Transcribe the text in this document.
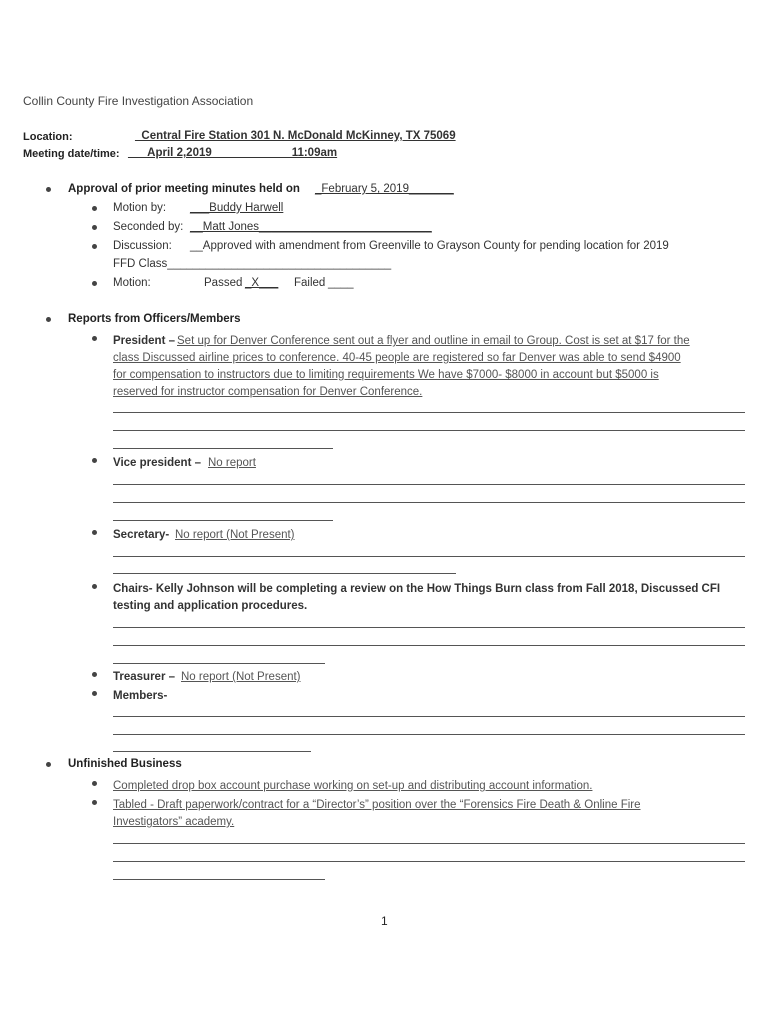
Collin County Fire Investigation Association
Location:	_Central Fire Station 301 N. McDonald McKinney, TX 75069
Meeting date/time: ___April 2,2019 ____________11:09am
Approval of prior meeting minutes held on _February 5, 2019_______
Motion by: ___Buddy Harwell
Seconded by: __Matt Jones___________________________
Discussion: __Approved with amendment from Greenville to Grayson County for pending location for 2019
FFD Class___________________________________
Motion:	Passed _X___ Failed ____
Reports from Officers/Members
President – Set up for Denver Conference sent out a flyer and outline in email to Group. Cost is set at $17 for the
class Discussed airline prices to conference. 40-45 people are registered so far Denver was able to send $4900
for compensation to instructors due to limiting requirements We have $7000- $8000 in account but $5000 is
reserved for instructor compensation for Denver Conference.
Vice president – No report
Secretary- No report (Not Present)
Chairs- Kelly Johnson will be completing a review on the How Things Burn class from Fall 2018, Discussed CFI
testing and application procedures.
Treasurer – No report (Not Present)
Members-
Unfinished Business
Completed drop box account purchase working on set-up and distributing account information.
Tabled - Draft paperwork/contract for a “Director’s” position over the “Forensics Fire Death & Online Fire
Investigators” academy.
1
